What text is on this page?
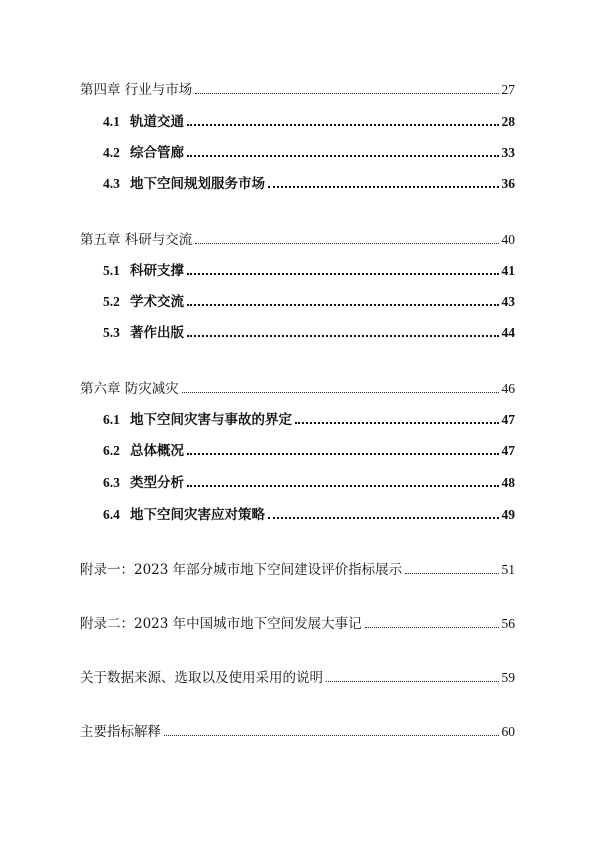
第四章 行业与市场	27
4.1 轨道交通	28
4.2 综合管廊	33
4.3 地下空间规划服务市场	36
第五章 科研与交流	40
5.1 科研支撑	41
5.2 学术交流	43
5.3 著作出版	44
第六章 防灾减灾	46
6.1 地下空间灾害与事故的界定	47
6.2 总体概况	47
6.3 类型分析	48
6.4 地下空间灾害应对策略	49
附录一：2023 年部分城市地下空间建设评价指标展示	51
附录二：2023 年中国城市地下空间发展大事记	56
关于数据来源、选取以及使用采用的说明	59
主要指标解释	60
